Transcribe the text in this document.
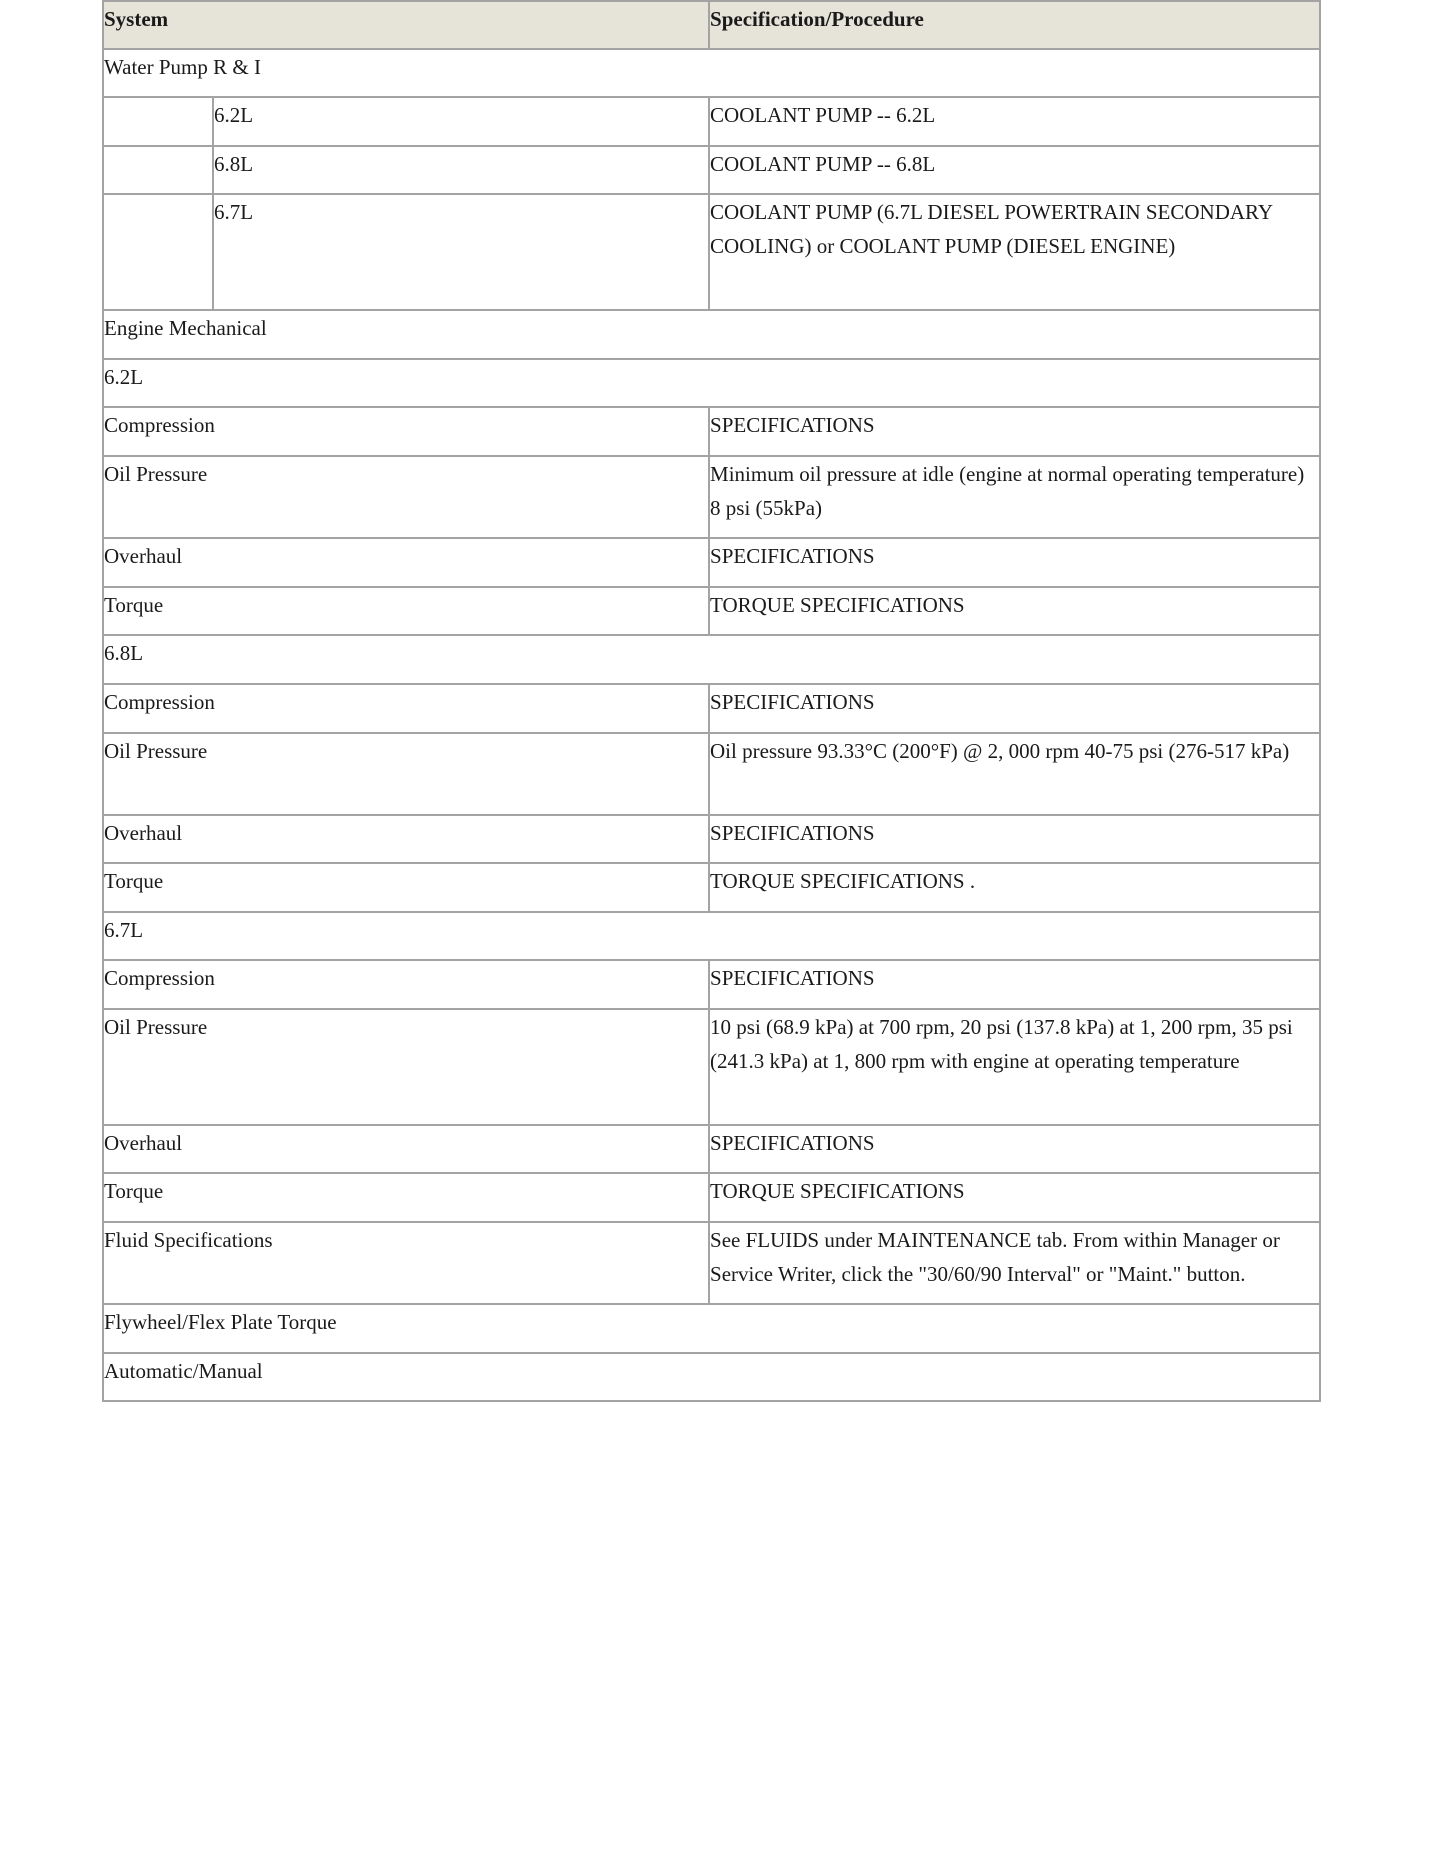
System		Specification/Procedure
Water Pump R & I		
	6.2L	COOLANT PUMP -- 6.2L
	6.8L	COOLANT PUMP -- 6.8L
	6.7L	COOLANT PUMP (6.7L DIESEL POWERTRAIN SECONDARY COOLING) or COOLANT PUMP (DIESEL ENGINE)
Engine Mechanical		
6.2L		
Compression		SPECIFICATIONS
Oil Pressure		Minimum oil pressure at idle (engine at normal operating temperature) 8 psi (55kPa)
Overhaul		SPECIFICATIONS
Torque		TORQUE SPECIFICATIONS
6.8L		
Compression		SPECIFICATIONS
Oil Pressure		Oil pressure 93.33°C (200°F) @ 2, 000 rpm 40-75 psi (276-517 kPa)
Overhaul		SPECIFICATIONS
Torque		TORQUE SPECIFICATIONS .
6.7L		
Compression		SPECIFICATIONS
Oil Pressure		10 psi (68.9 kPa) at 700 rpm, 20 psi (137.8 kPa) at 1, 200 rpm, 35 psi (241.3 kPa) at 1, 800 rpm with engine at operating temperature
Overhaul		SPECIFICATIONS
Torque		TORQUE SPECIFICATIONS
Fluid Specifications		See FLUIDS under MAINTENANCE tab. From within Manager or Service Writer, click the "30/60/90 Interval" or "Maint." button.
Flywheel/Flex Plate Torque		
Automatic/Manual		
